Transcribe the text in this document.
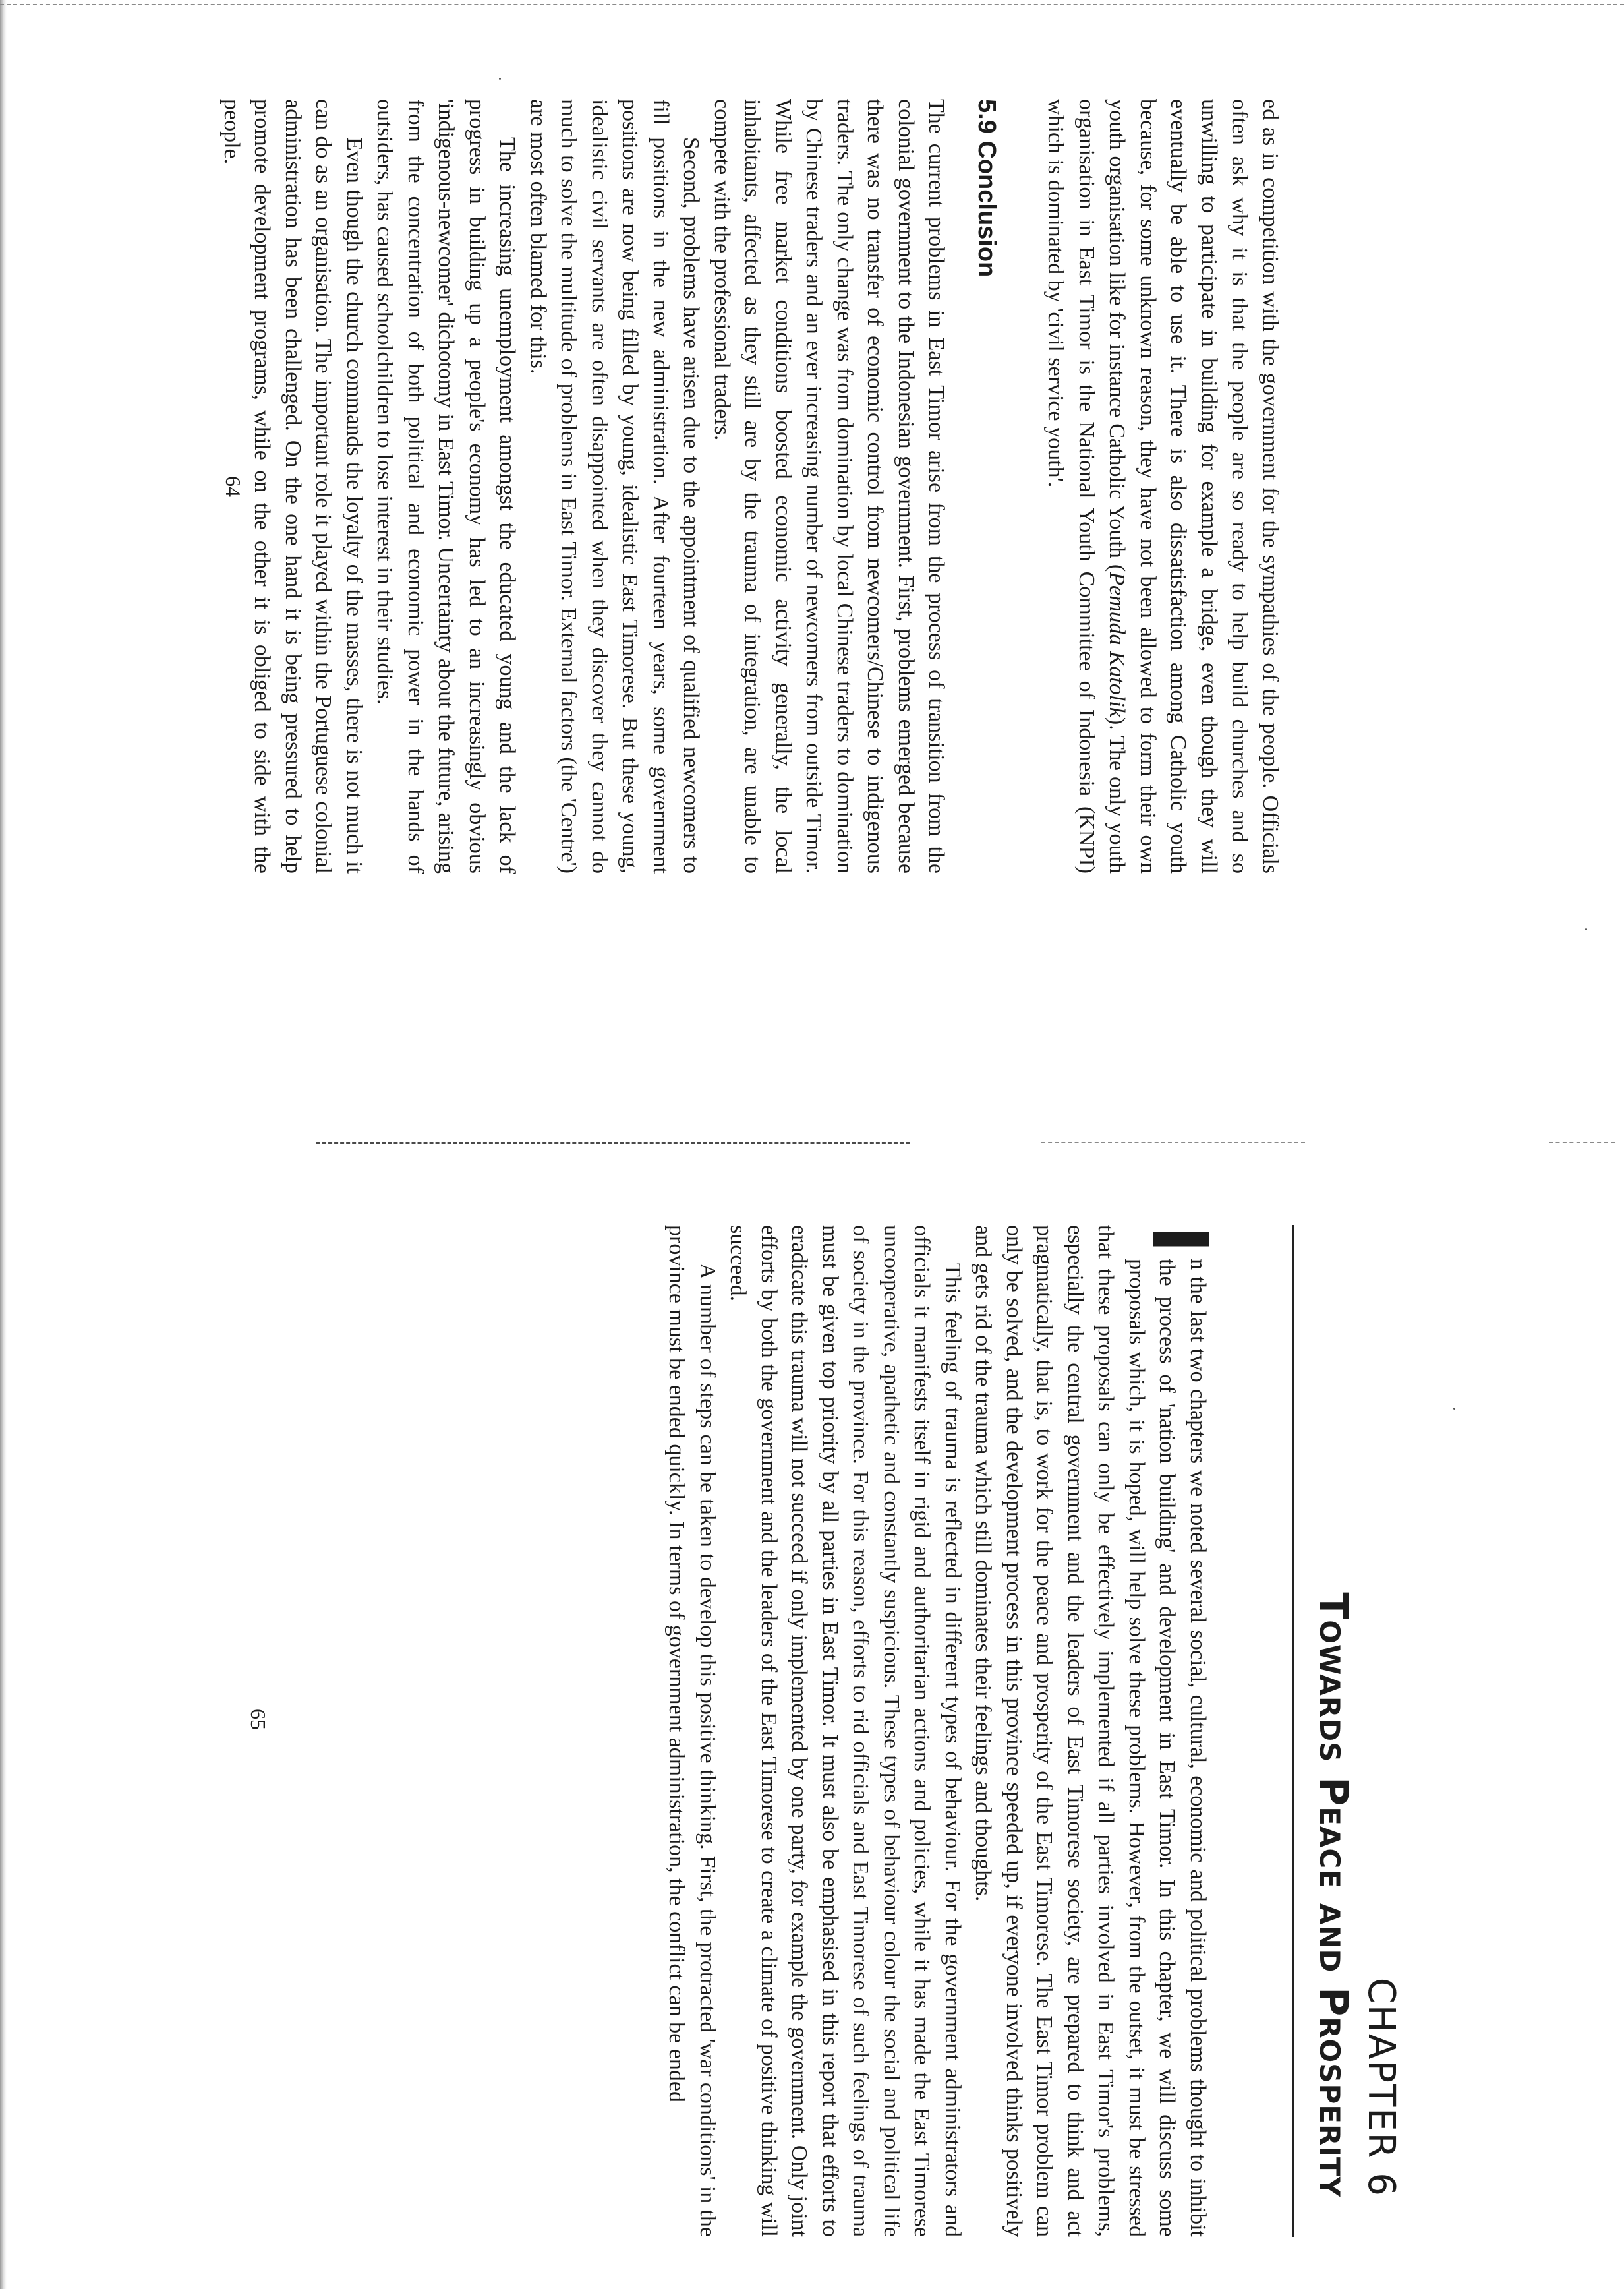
ed as in competition with the government for the sympathies of the people. Officials often ask why it is that the people are so ready to help build churches and so unwilling to participate in building for example a bridge, even though they will eventually be able to use it. There is also dissatisfaction among Catholic youth because, for some unknown reason, they have not been allowed to form their own youth organisation like for instance Catholic Youth (Pemuda Katolik). The only youth organisation in East Timor is the National Youth Committee of Indonesia (KNPI) which is dominated by 'civil service youth'.

5.9 Conclusion

The current problems in East Timor arise from the process of transition from the colonial government to the Indonesian government. First, problems emerged because there was no transfer of economic control from newcomers/Chinese to indigenous traders. The only change was from domination by local Chinese traders to domination by Chinese traders and an ever increasing number of newcomers from outside Timor. While free market conditions boosted economic activity generally, the local inhabitants, affected as they still are by the trauma of integration, are unable to compete with the professional traders.

Second, problems have arisen due to the appointment of qualified newcomers to fill positions in the new administration. After fourteen years, some government positions are now being filled by young, idealistic East Timorese. But these young, idealistic civil servants are often disappointed when they discover they cannot do much to solve the multitude of problems in East Timor. External factors (the 'Centre') are most often blamed for this.

The increasing unemployment amongst the educated young and the lack of progress in building up a people's economy has led to an increasingly obvious 'indigenous-newcomer' dichotomy in East Timor. Uncertainty about the future, arising from the concentration of both political and economic power in the hands of outsiders, has caused schoolchildren to lose interest in their studies.

Even though the church commands the loyalty of the masses, there is not much it can do as an organisation. The important role it played within the Portuguese colonial administration has been challenged. On the one hand it is being pressured to help promote development programs, while on the other it is obliged to side with the people.

64
CHAPTER 6
Towards Peace and Prosperity

I
n the last two chapters we noted several social, cultural, economic and political problems thought to inhibit the process of 'nation building' and development in East Timor. In this chapter, we will discuss some proposals which, it is hoped, will help solve these problems. However, from the outset, it must be stressed that these proposals can only be effectively implemented if all parties involved in East Timor's problems, especially the central government and the leaders of East Timorese society, are prepared to think and act pragmatically, that is, to work for the peace and prosperity of the East Timorese. The East Timor problem can only be solved, and the development process in this province speeded up, if everyone involved thinks positively and gets rid of the trauma which still dominates their feelings and thoughts.

This feeling of trauma is reflected in different types of behaviour. For the government administrators and officials it manifests itself in rigid and authoritarian actions and policies, while it has made the East Timorese uncooperative, apathetic and constantly suspicious. These types of behaviour colour the social and political life of society in the province. For this reason, efforts to rid officials and East Timorese of such feelings of trauma must be given top priority by all parties in East Timor. It must also be emphasised in this report that efforts to eradicate this trauma will not succeed if only implemented by one party, for example the government. Only joint efforts by both the government and the leaders of the East Timorese to create a climate of positive thinking will succeed.

A number of steps can be taken to develop this positive thinking. First, the protracted 'war conditions' in the province must be ended quickly. In terms of government administration, the conflict can be ended

65
